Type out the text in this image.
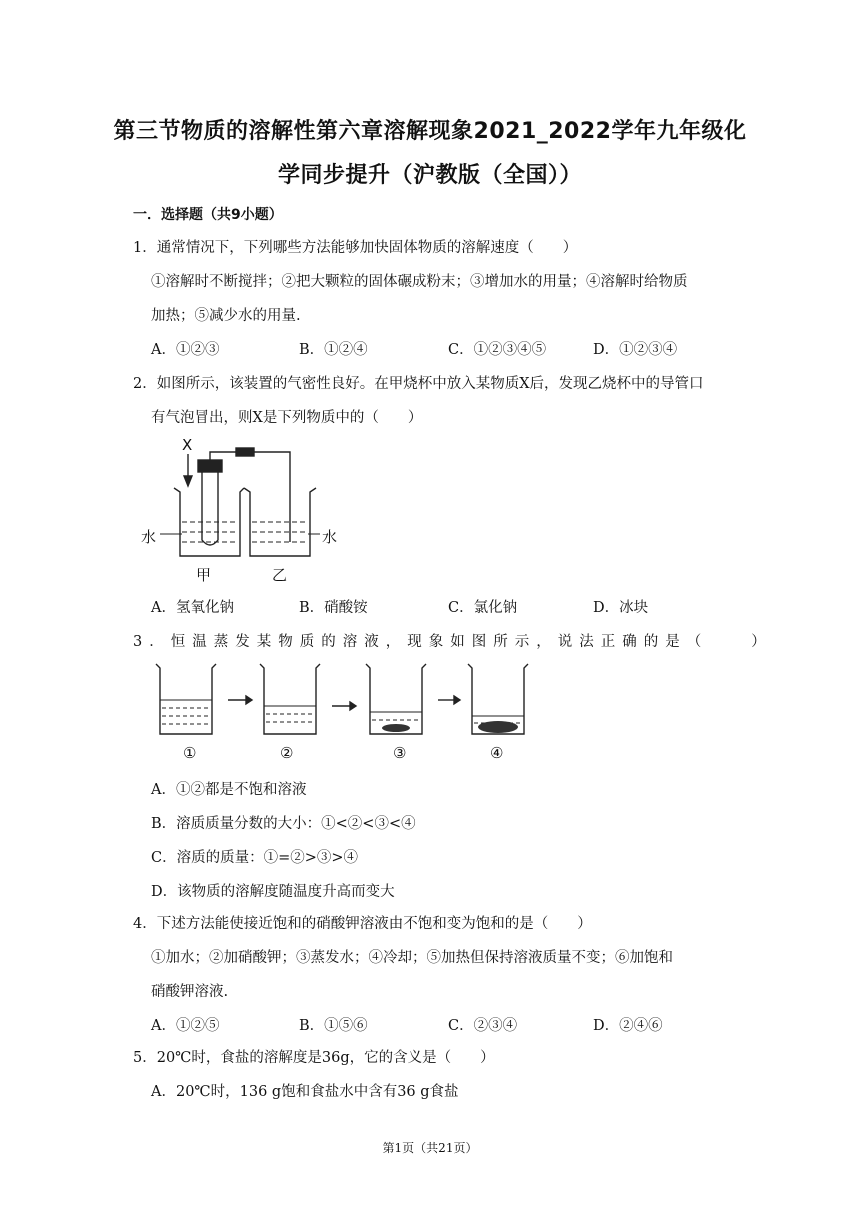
第三节物质的溶解性第六章溶解现象2021_2022学年九年级化
学同步提升（沪教版（全国））
一．选择题（共9小题）
1．通常情况下，下列哪些方法能够加快固体物质的溶解速度（　　）
①溶解时不断搅拌；②把大颗粒的固体碾成粉末；③增加水的用量；④溶解时给物质
加热；⑤减少水的用量.
A．①②③	B．①②④	C．①②③④⑤	D．①②③④
2．如图所示，该装置的气密性良好。在甲烧杯中放入某物质X后，发现乙烧杯中的导管口
有气泡冒出，则X是下列物质中的（　　）
X
水	水
甲	乙
A．氢氧化钠	B．硝酸铵	C．氯化钠	D．冰块
3．恒温蒸发某物质的溶液，现象如图所示，说法正确的是（　　）
①	②	③	④
A．①②都是不饱和溶液
B．溶质质量分数的大小：①<②<③<④
C．溶质的质量：①=②>③>④
D．该物质的溶解度随温度升高而变大
4．下述方法能使接近饱和的硝酸钾溶液由不饱和变为饱和的是（　　）
①加水；②加硝酸钾；③蒸发水；④冷却；⑤加热但保持溶液质量不变；⑥加饱和
硝酸钾溶液.
A．①②⑤	B．①⑤⑥	C．②③④	D．②④⑥
5．20℃时，食盐的溶解度是36g，它的含义是（　　）
A．20℃时，136 g饱和食盐水中含有36 g食盐
第1页（共21页）
